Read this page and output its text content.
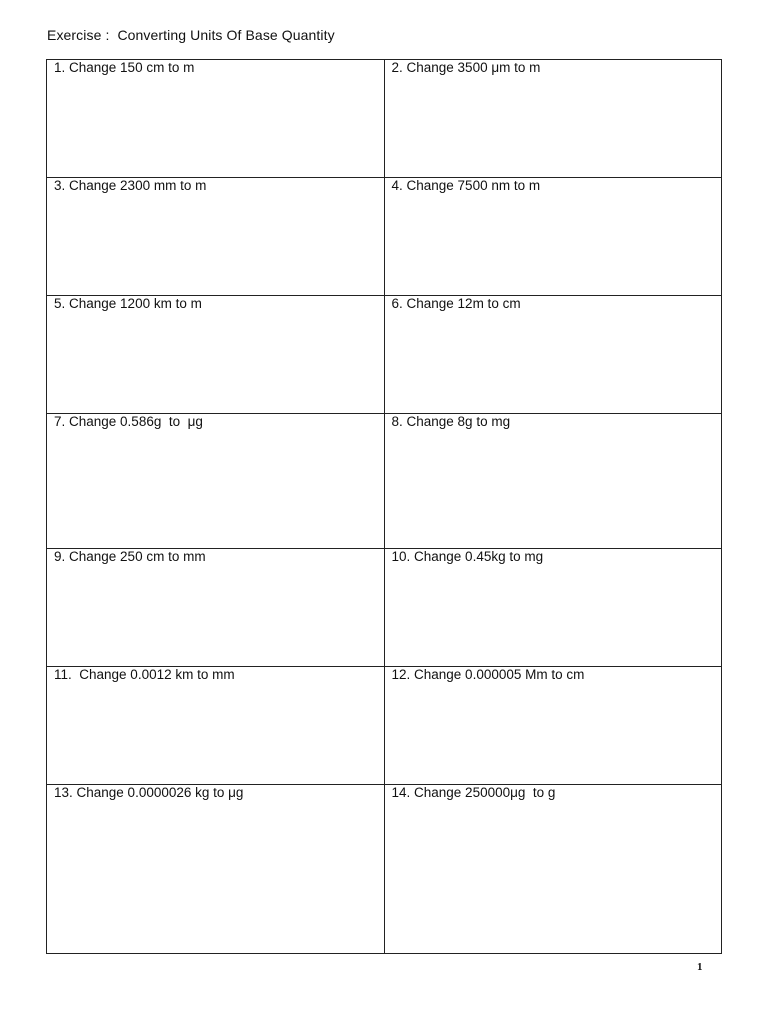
Exercise :  Converting Units Of Base Quantity
1. Change 150 cm to m	2. Change 3500 μm to m

3. Change 2300 mm to m	4. Change 7500 nm to m

5. Change 1200 km to m	6. Change 12m to cm

7. Change 0.586g  to  μg	8. Change 8g to mg

9. Change 250 cm to mm	10. Change 0.45kg to mg

11.  Change 0.0012 km to mm	12. Change 0.000005 Mm to cm

13. Change 0.0000026 kg to μg	14. Change 250000μg  to g
1
